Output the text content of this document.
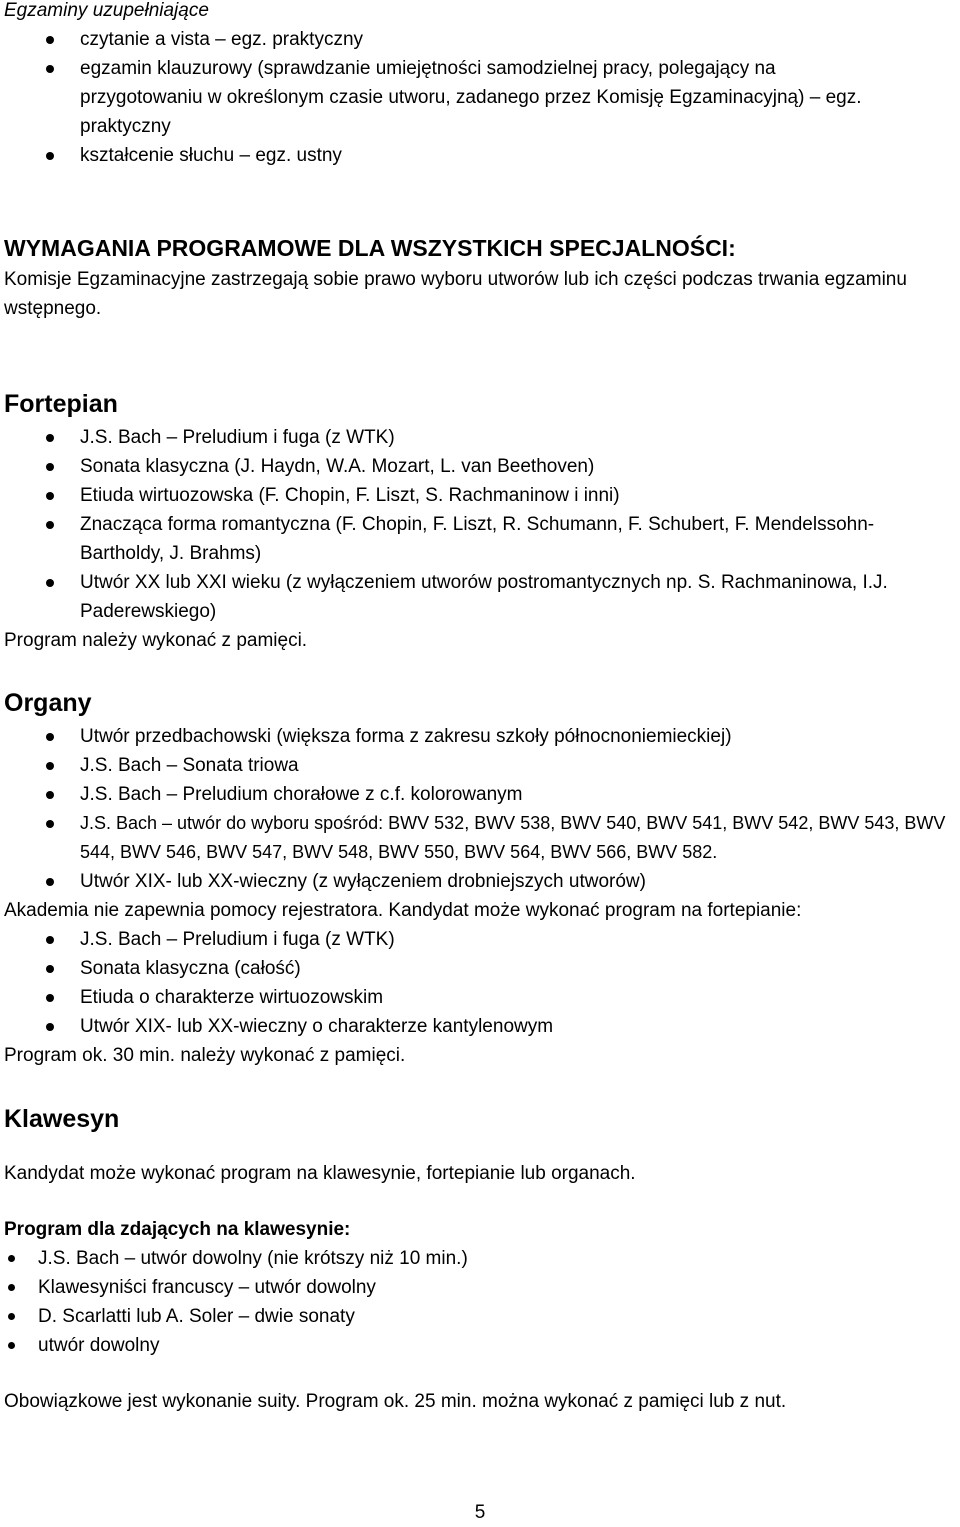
Egzaminy uzupełniające
czytanie a vista – egz. praktyczny
egzamin klauzurowy (sprawdzanie umiejętności samodzielnej pracy, polegający na przygotowaniu w określonym czasie utworu, zadanego przez Komisję Egzaminacyjną) – egz. praktyczny
kształcenie słuchu – egz. ustny
WYMAGANIA PROGRAMOWE DLA WSZYSTKICH SPECJALNOŚCI:
Komisje Egzaminacyjne zastrzegają sobie prawo wyboru utworów lub ich części podczas trwania egzaminu wstępnego.
Fortepian
J.S. Bach – Preludium i fuga (z WTK)
Sonata klasyczna (J. Haydn, W.A. Mozart, L. van Beethoven)
Etiuda wirtuozowska (F. Chopin, F. Liszt, S. Rachmaninow i inni)
Znacząca forma romantyczna (F. Chopin, F. Liszt, R. Schumann, F. Schubert, F. Mendelssohn-Bartholdy, J. Brahms)
Utwór XX lub XXI wieku (z wyłączeniem utworów postromantycznych np. S. Rachmaninowa, I.J. Paderewskiego)
Program należy wykonać z pamięci.
Organy
Utwór przedbachowski (większa forma z zakresu szkoły północnoniemieckiej)
J.S. Bach – Sonata triowa
J.S. Bach – Preludium chorałowe z c.f. kolorowanym
J.S. Bach – utwór do wyboru spośród: BWV 532, BWV 538, BWV 540, BWV 541, BWV 542, BWV 543, BWV 544, BWV 546, BWV 547, BWV 548, BWV 550, BWV 564, BWV 566, BWV 582.
Utwór XIX- lub XX-wieczny (z wyłączeniem drobniejszych utworów)
Akademia nie zapewnia pomocy rejestratora. Kandydat może wykonać program na fortepianie:
J.S. Bach – Preludium i fuga (z WTK)
Sonata klasyczna (całość)
Etiuda o charakterze wirtuozowskim
Utwór XIX- lub XX-wieczny o charakterze kantylenowym
Program ok. 30 min. należy wykonać z pamięci.
Klawesyn
Kandydat może wykonać program na klawesynie, fortepianie lub organach.
Program dla zdających na klawesynie:
J.S. Bach – utwór dowolny (nie krótszy niż 10 min.)
Klawesyniści francuscy – utwór dowolny
D. Scarlatti lub A. Soler – dwie sonaty
utwór dowolny
Obowiązkowe jest wykonanie suity. Program ok. 25 min. można wykonać z pamięci lub z nut.
5
